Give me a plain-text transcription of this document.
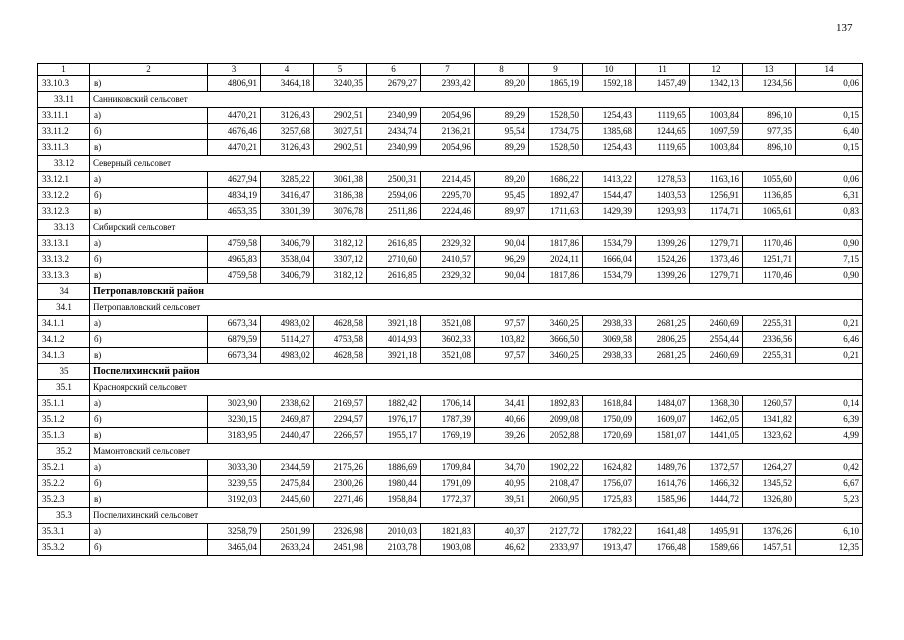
137
1	2	3	4	5	6	7	8	9	10	11	12	13	14
33.10.3	в)	4806,91	3464,18	3240,35	2679,27	2393,42	89,20	1865,19	1592,18	1457,49	1342,13	1234,56	0,06
33.11	Санниковский сельсовет												
33.11.1	а)	4470,21	3126,43	2902,51	2340,99	2054,96	89,29	1528,50	1254,43	1119,65	1003,84	896,10	0,15
33.11.2	б)	4676,46	3257,68	3027,51	2434,74	2136,21	95,54	1734,75	1385,68	1244,65	1097,59	977,35	6,40
33.11.3	в)	4470,21	3126,43	2902,51	2340,99	2054,96	89,29	1528,50	1254,43	1119,65	1003,84	896,10	0,15
33.12	Северный сельсовет												
33.12.1	а)	4627,94	3285,22	3061,38	2500,31	2214,45	89,20	1686,22	1413,22	1278,53	1163,16	1055,60	0,06
33.12.2	б)	4834,19	3416,47	3186,38	2594,06	2295,70	95,45	1892,47	1544,47	1403,53	1256,91	1136,85	6,31
33.12.3	в)	4653,35	3301,39	3076,78	2511,86	2224,46	89,97	1711,63	1429,39	1293,93	1174,71	1065,61	0,83
33.13	Сибирский сельсовет												
33.13.1	а)	4759,58	3406,79	3182,12	2616,85	2329,32	90,04	1817,86	1534,79	1399,26	1279,71	1170,46	0,90
33.13.2	б)	4965,83	3538,04	3307,12	2710,60	2410,57	96,29	2024,11	1666,04	1524,26	1373,46	1251,71	7,15
33.13.3	в)	4759,58	3406,79	3182,12	2616,85	2329,32	90,04	1817,86	1534,79	1399,26	1279,71	1170,46	0,90
34	Петропавловский район												
34.1	Петропавловский сельсовет												
34.1.1	а)	6673,34	4983,02	4628,58	3921,18	3521,08	97,57	3460,25	2938,33	2681,25	2460,69	2255,31	0,21
34.1.2	б)	6879,59	5114,27	4753,58	4014,93	3602,33	103,82	3666,50	3069,58	2806,25	2554,44	2336,56	6,46
34.1.3	в)	6673,34	4983,02	4628,58	3921,18	3521,08	97,57	3460,25	2938,33	2681,25	2460,69	2255,31	0,21
35	Поспелихинский район												
35.1	Красноярский сельсовет												
35.1.1	а)	3023,90	2338,62	2169,57	1882,42	1706,14	34,41	1892,83	1618,84	1484,07	1368,30	1260,57	0,14
35.1.2	б)	3230,15	2469,87	2294,57	1976,17	1787,39	40,66	2099,08	1750,09	1609,07	1462,05	1341,82	6,39
35.1.3	в)	3183,95	2440,47	2266,57	1955,17	1769,19	39,26	2052,88	1720,69	1581,07	1441,05	1323,62	4,99
35.2	Мамонтовский сельсовет												
35.2.1	а)	3033,30	2344,59	2175,26	1886,69	1709,84	34,70	1902,22	1624,82	1489,76	1372,57	1264,27	0,42
35.2.2	б)	3239,55	2475,84	2300,26	1980,44	1791,09	40,95	2108,47	1756,07	1614,76	1466,32	1345,52	6,67
35.2.3	в)	3192,03	2445,60	2271,46	1958,84	1772,37	39,51	2060,95	1725,83	1585,96	1444,72	1326,80	5,23
35.3	Поспелихинский сельсовет												
35.3.1	а)	3258,79	2501,99	2326,98	2010,03	1821,83	40,37	2127,72	1782,22	1641,48	1495,91	1376,26	6,10
35.3.2	б)	3465,04	2633,24	2451,98	2103,78	1903,08	46,62	2333,97	1913,47	1766,48	1589,66	1457,51	12,35
